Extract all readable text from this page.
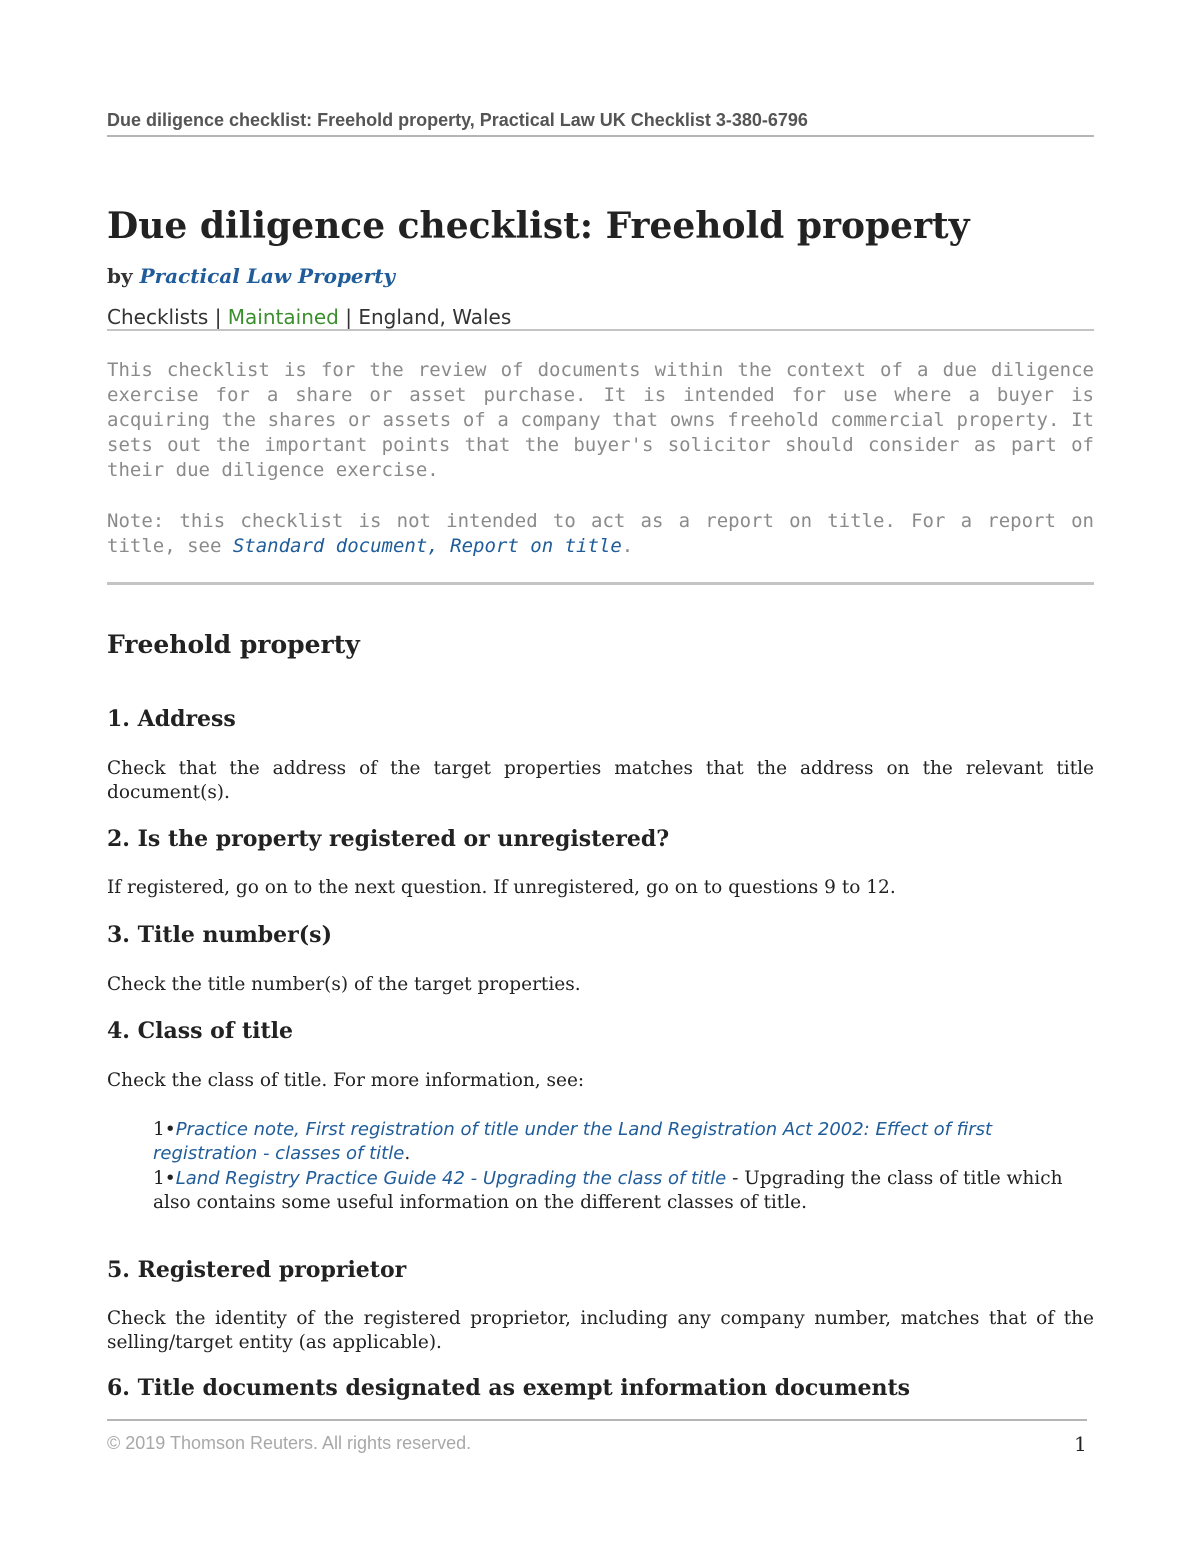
Due diligence checklist: Freehold property, Practical Law UK Checklist 3-380-6796
Due diligence checklist: Freehold property
by Practical Law Property
Checklists | Maintained | England, Wales

This checklist is for the review of documents within the context of a due diligence exercise for a share or asset purchase. It is intended for use where a buyer is acquiring the shares or assets of a company that owns freehold commercial property. It sets out the important points that the buyer's solicitor should consider as part of their due diligence exercise.

Note: this checklist is not intended to act as a report on title. For a report on title, see Standard document, Report on title.

Freehold property
1. Address

Check that the address of the target properties matches that the address on the relevant title document(s).

2. Is the property registered or unregistered?

If registered, go on to the next question. If unregistered, go on to questions 9 to 12.

3. Title number(s)

Check the title number(s) of the target properties.

4. Class of title

Check the class of title. For more information, see:

1•Practice note, First registration of title under the Land Registration Act 2002: Effect of first registration - classes of title.

1•Land Registry Practice Guide 42 - Upgrading the class of title - Upgrading the class of title which also contains some useful information on the different classes of title.

5. Registered proprietor

Check the identity of the registered proprietor, including any company number, matches that of the selling/target entity (as applicable).

6. Title documents designated as exempt information documents
© 2019 Thomson Reuters. All rights reserved.	1
